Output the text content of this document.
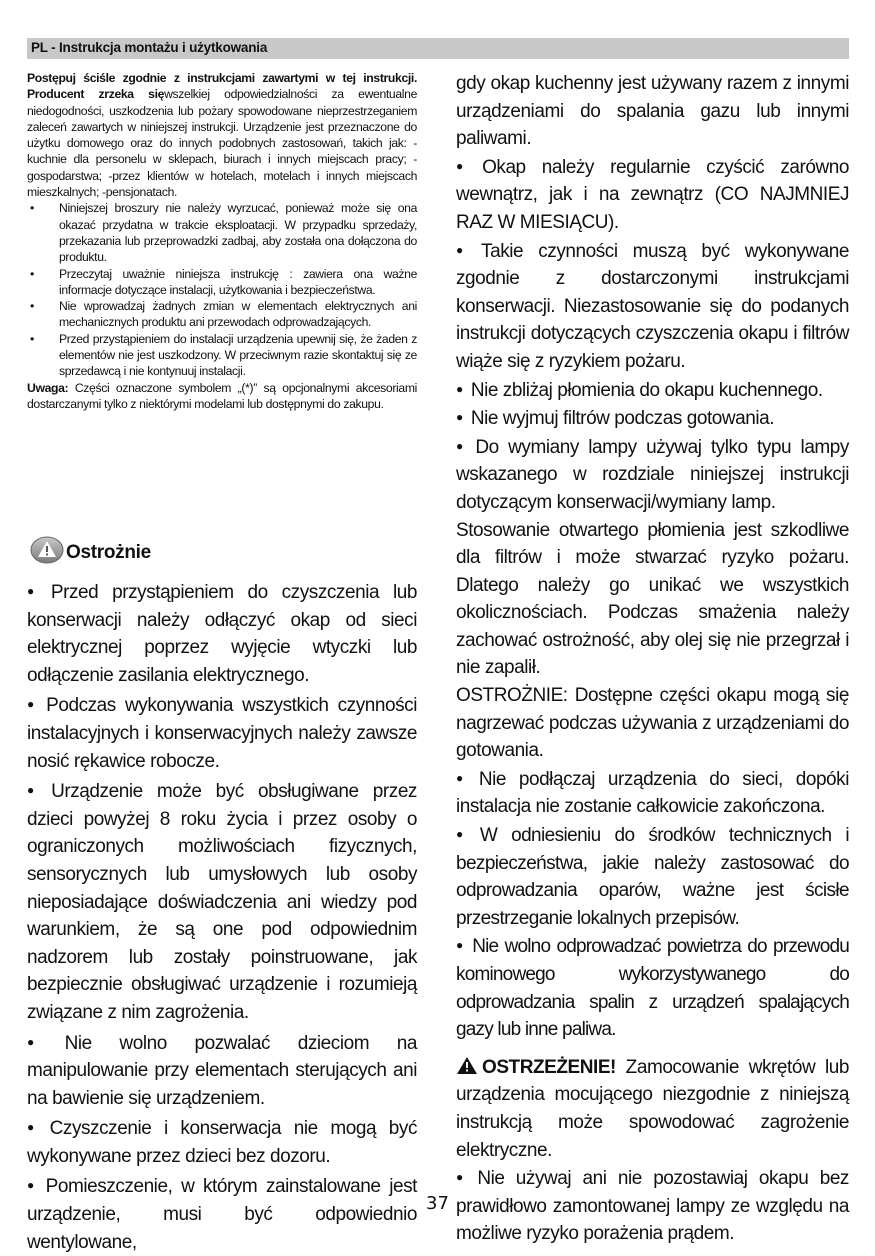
PL - Instrukcja montażu i użytkowania

Postępuj ściśle zgodnie z instrukcjami zawartymi w tej instrukcji. Producent zrzeka sięwszelkiej odpowiedzialności za ewentualne niedogodności, uszkodzenia lub pożary spowodowane nieprzestrzeganiem zaleceń zawartych w niniejszej instrukcji. Urządzenie jest przeznaczone do użytku domowego oraz do innych podobnych zastosowań, takich jak: - kuchnie dla personelu w sklepach, biurach i innych miejscach pracy; -gospodarstwa; -przez klientów w hotelach, motelach i innych miejscach mieszkalnych; -pensjonatach.

• Niniejszej broszury nie należy wyrzucać, ponieważ może się ona okazać przydatna w trakcie eksploatacji. W przypadku sprzedaży, przekazania lub przeprowadzki zadbaj, aby została ona dołączona do produktu.
• Przeczytaj uważnie niniejsza instrukcję : zawiera ona ważne informacje dotyczące instalacji, użytkowania i bezpieczeństwa.
• Nie wprowadzaj żadnych zmian w elementach elektrycznych ani mechanicznych produktu ani przewodach odprowadzających.
• Przed przystąpieniem do instalacji urządzenia upewnij się, że żaden z elementów nie jest uszkodzony. W przeciwnym razie skontaktuj się ze sprzedawcą i nie kontynuuj instalacji.

Uwaga: Części oznaczone symbolem „(*)” są opcjonalnymi akcesoriami dostarczanymi tylko z niektórymi modelami lub dostępnymi do zakupu.

Ostrożnie

● Przed przystąpieniem do czyszczenia lub konserwacji należy odłączyć okap od sieci elektrycznej poprzez wyjęcie wtyczki lub odłączenie zasilania elektrycznego.

● Podczas wykonywania wszystkich czynności instalacyjnych i konserwacyjnych należy zawsze nosić rękawice robocze.

● Urządzenie może być obsługiwane przez dzieci powyżej 8 roku życia i przez osoby o ograniczonych możliwościach fizycznych, sensorycznych lub umysłowych lub osoby nieposiadające doświadczenia ani wiedzy pod warunkiem, że są one pod odpowiednim nadzorem lub zostały poinstruowane, jak bezpiecznie obsługiwać urządzenie i rozumieją związane z nim zagrożenia.

● Nie wolno pozwalać dzieciom na manipulowanie przy elementach sterujących ani na bawienie się urządzeniem.

● Czyszczenie i konserwacja nie mogą być wykonywane przez dzieci bez dozoru.

● Pomieszczenie, w którym zainstalowane jest urządzenie, musi być odpowiednio wentylowane,

gdy okap kuchenny jest używany razem z innymi urządzeniami do spalania gazu lub innymi paliwami.

● Okap należy regularnie czyścić zarówno wewnątrz, jak i na zewnątrz (CO NAJMNIEJ RAZ W MIESIĄCU).

● Takie czynności muszą być wykonywane zgodnie z dostarczonymi instrukcjami konserwacji. Niezastosowanie się do podanych instrukcji dotyczących czyszczenia okapu i filtrów wiąże się z ryzykiem pożaru.

● Nie zbliżaj płomienia do okapu kuchennego.

● Nie wyjmuj filtrów podczas gotowania.

● Do wymiany lampy używaj tylko typu lampy wskazanego w rozdziale niniejszej instrukcji dotyczącym konserwacji/wymiany lamp.

Stosowanie otwartego płomienia jest szkodliwe dla filtrów i może stwarzać ryzyko pożaru. Dlatego należy go unikać we wszystkich okolicznościach. Podczas smażenia należy zachować ostrożność, aby olej się nie przegrzał i nie zapalił.

OSTROŻNIE: Dostępne części okapu mogą się nagrzewać podczas używania z urządzeniami do gotowania.

● Nie podłączaj urządzenia do sieci, dopóki instalacja nie zostanie całkowicie zakończona.

● W odniesieniu do środków technicznych i bezpieczeństwa, jakie należy zastosować do odprowadzania oparów, ważne jest ścisłe przestrzeganie lokalnych przepisów.

● Nie wolno odprowadzać powietrza do przewodu kominowego wykorzystywanego do odprowadzania spalin z urządzeń spalających gazy lub inne paliwa.

OSTRZEŻENIE! Zamocowanie wkrętów lub urządzenia mocującego niezgodnie z niniejszą instrukcją może spowodować zagrożenie elektryczne.

● Nie używaj ani nie pozostawiaj okapu bez prawidłowo zamontowanej lampy ze względu na możliwe ryzyko porażenia prądem.

37
